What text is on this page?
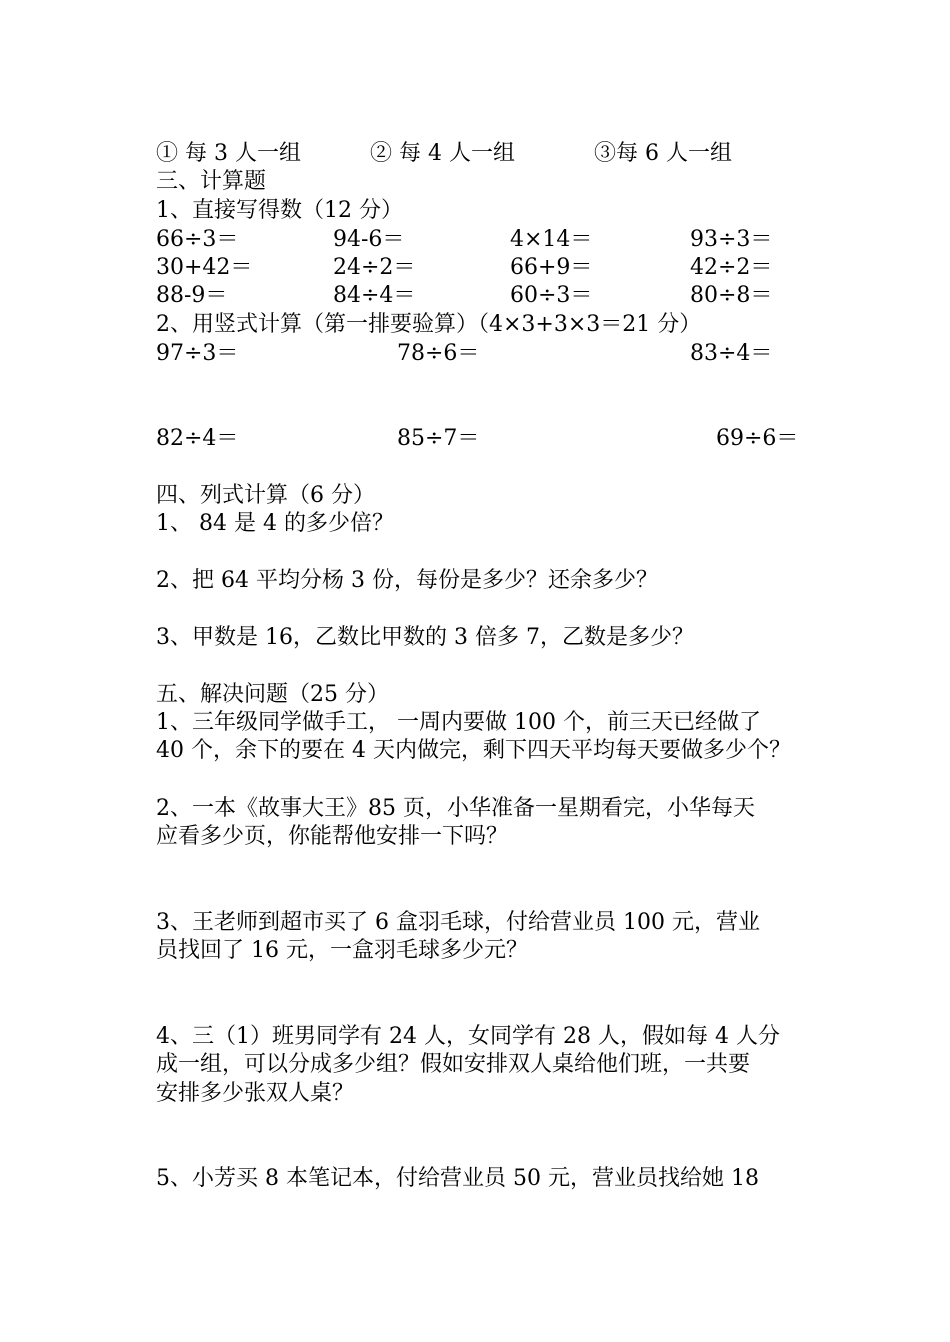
① 每 3 人一组	② 每 4 人一组	③每 6 人一组
三、计算题
1、直接写得数（12 分）
66÷3＝	94-6＝	4×14＝	93÷3＝
30+42＝	24÷2＝	66+9＝	42÷2＝
88-9＝	84÷4＝	60÷3＝	80÷8＝
2、用竖式计算（第一排要验算）（4×3+3×3＝21 分）
97÷3＝	78÷6＝	83÷4＝
82÷4＝	85÷7＝	69÷6＝
四、列式计算（6 分）
1、 84 是 4 的多少倍？
2、把 64 平均分杨 3 份，每份是多少？还余多少？
3、甲数是 16，乙数比甲数的 3 倍多 7，乙数是多少？
五、解决问题（25 分）
1、三年级同学做手工， 一周内要做 100 个，前三天已经做了
40 个，余下的要在 4 天内做完，剩下四天平均每天要做多少个？
2、一本《故事大王》85 页，小华准备一星期看完，小华每天
应看多少页，你能帮他安排一下吗？
3、王老师到超市买了 6 盒羽毛球，付给营业员 100 元，营业
员找回了 16 元，一盒羽毛球多少元？
4、三（1）班男同学有 24 人，女同学有 28 人，假如每 4 人分
成一组，可以分成多少组？假如安排双人桌给他们班，一共要
安排多少张双人桌？
5、小芳买 8 本笔记本，付给营业员 50 元，营业员找给她 18
